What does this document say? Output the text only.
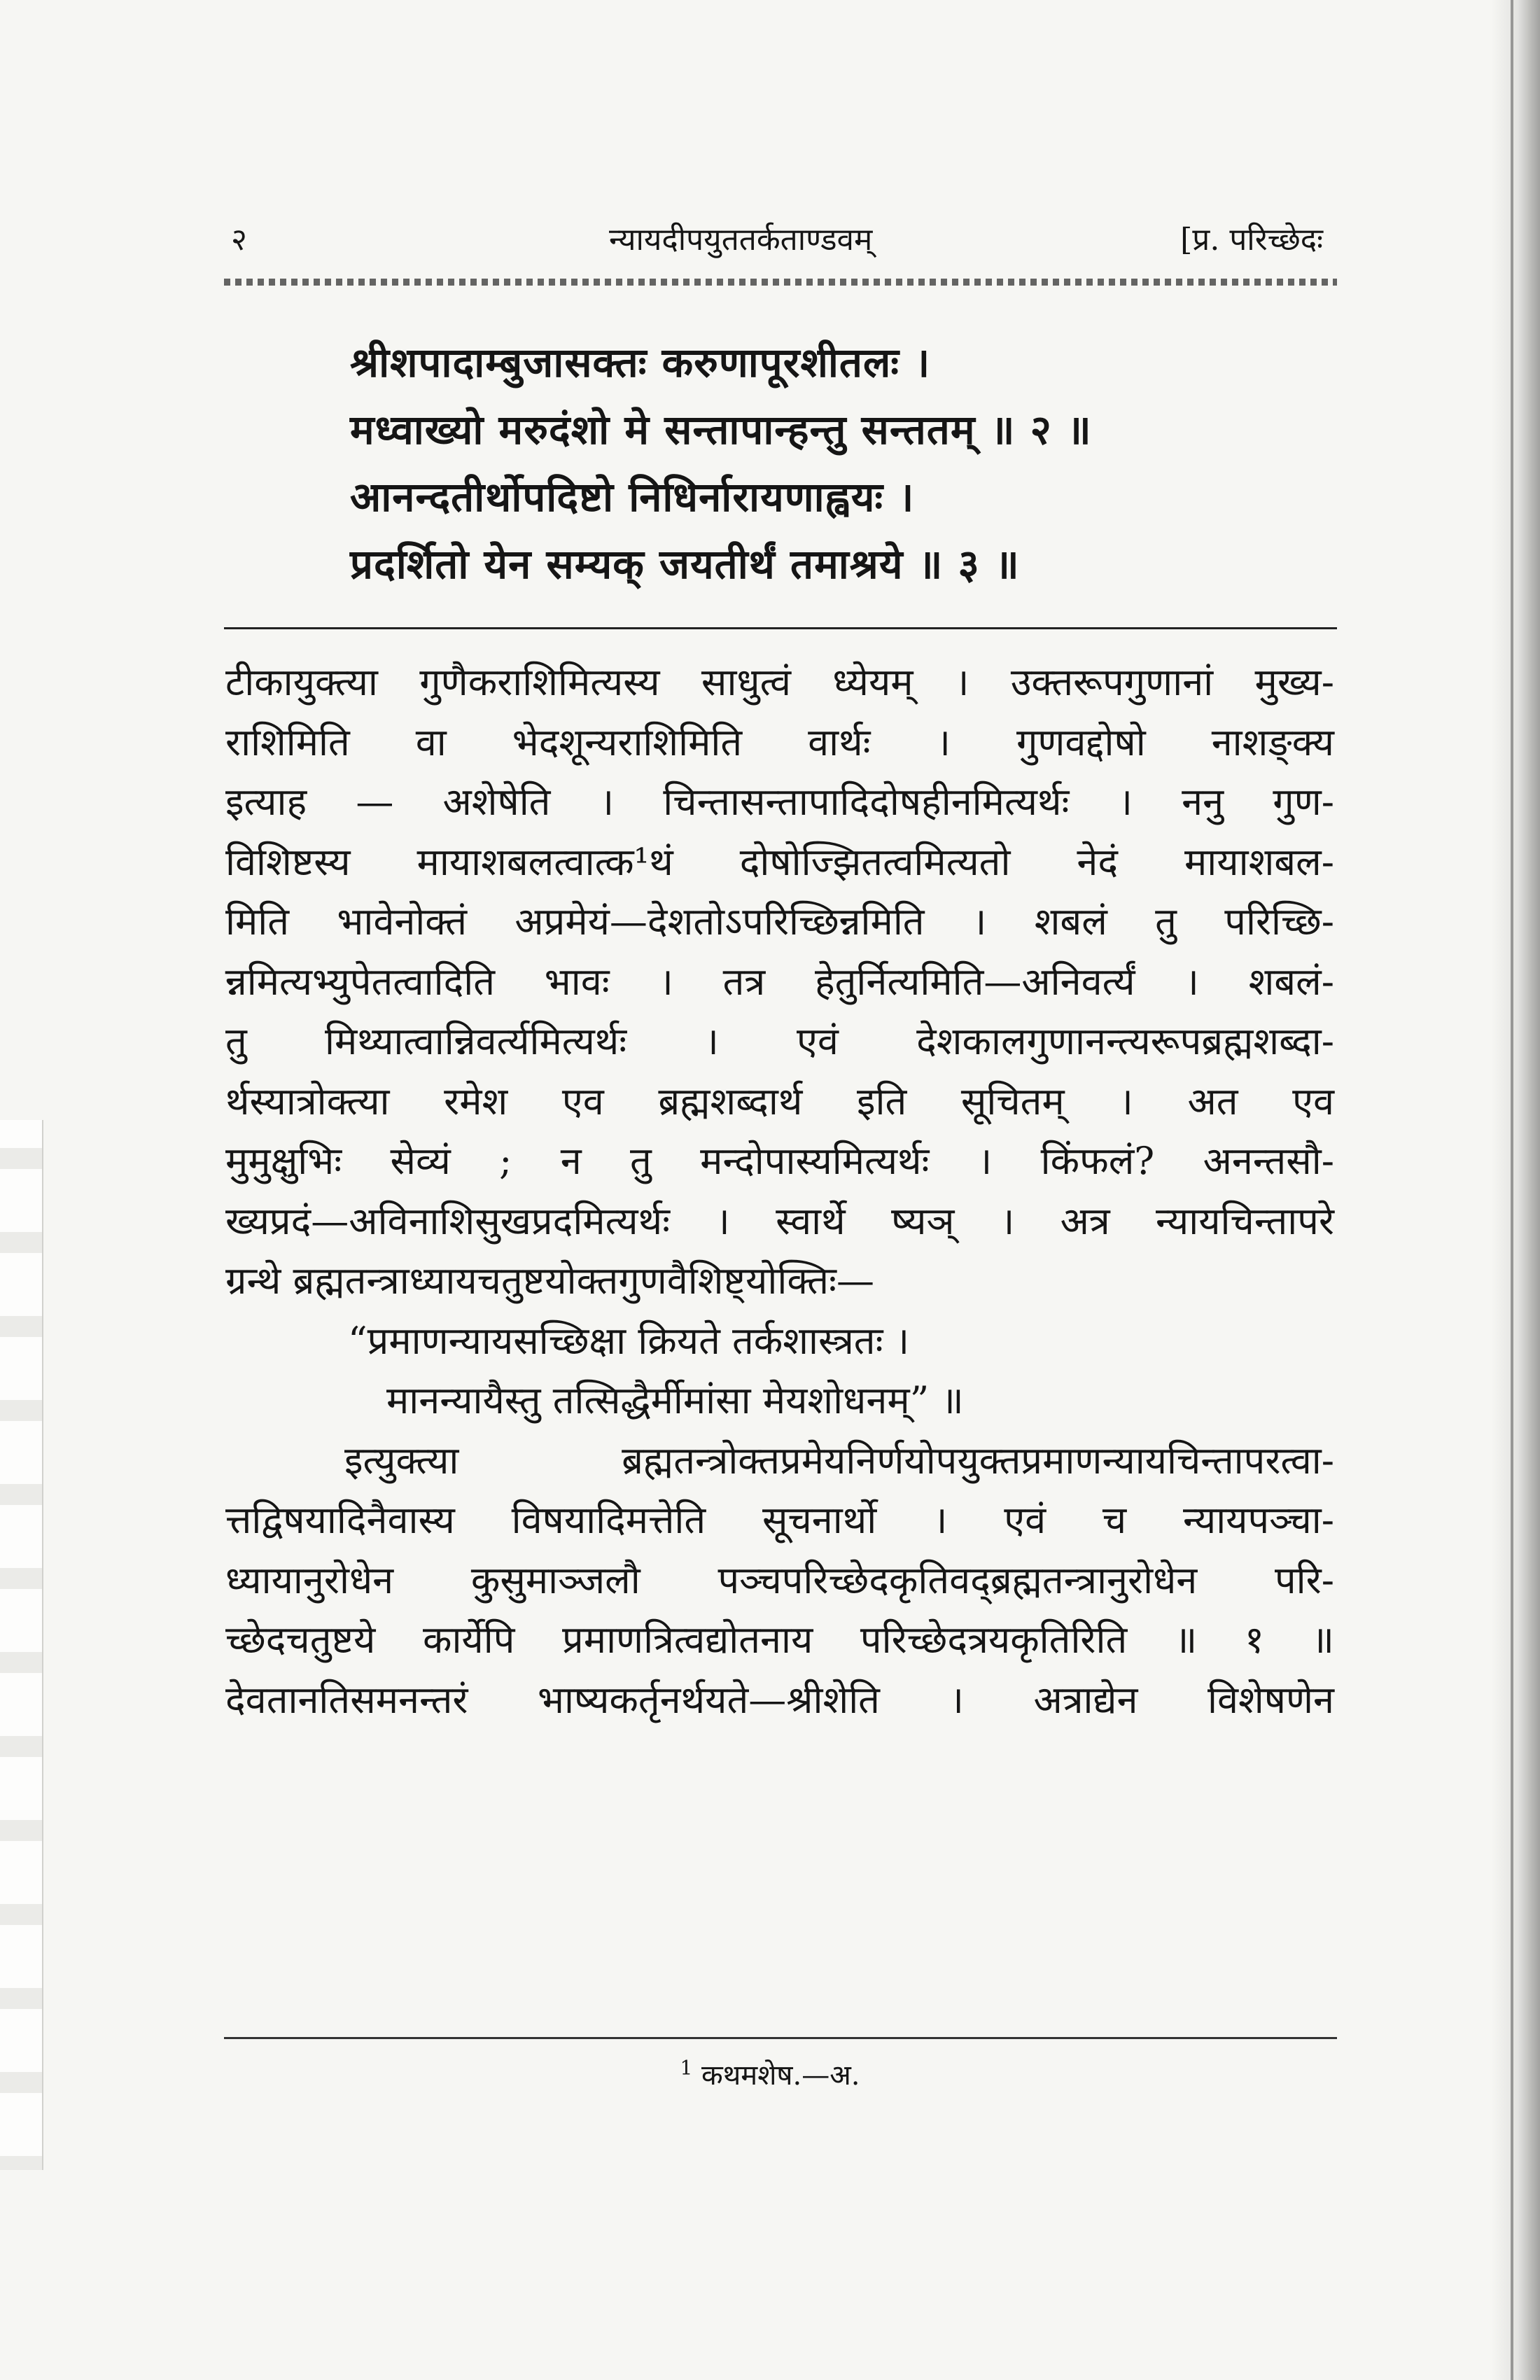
२	न्यायदीपयुततर्कताण्डवम्	[प्र. परिच्छेदः
श्रीशपादाम्बुजासक्तः करुणापूरशीतलः ।
मध्वाख्यो मरुदंशो मे सन्तापान्हन्तु सन्ततम् ॥ २ ॥
आनन्दतीर्थोपदिष्टो निधिर्नारायणाह्वयः ।
प्रदर्शितो येन सम्यक् जयतीर्थं तमाश्रये ॥ ३ ॥
टीकायुक्त्या गुणैकराशिमित्यस्य साधुत्वं ध्येयम् । उक्तरूपगुणानां मुख्य-
राशिमिति वा भेदशून्यराशिमिति वार्थः । गुणवद्दोषो नाशङ्क्य
इत्याह — अशेषेति । चिन्तासन्तापादिदोषहीनमित्यर्थः । ननु गुण-
विशिष्टस्य मायाशबलत्वात्क¹थं दोषोज्झितत्वमित्यतो नेदं मायाशबल-
मिति भावेनोक्तं अप्रमेयं—देशतोऽपरिच्छिन्नमिति । शबलं तु परिच्छि-
न्नमित्यभ्युपेतत्वादिति भावः । तत्र हेतुर्नित्यमिति—अनिवर्त्यं । शबलं-
तु मिथ्यात्वान्निवर्त्यमित्यर्थः । एवं देशकालगुणानन्त्यरूपब्रह्मशब्दा-
र्थस्यात्रोक्त्या रमेश एव ब्रह्मशब्दार्थ इति सूचितम् । अत एव
मुमुक्षुभिः सेव्यं ; न तु मन्दोपास्यमित्यर्थः । किंफलं? अनन्तसौ-
ख्यप्रदं—अविनाशिसुखप्रदमित्यर्थः । स्वार्थे ष्यञ् । अत्र न्यायचिन्तापरे
ग्रन्थे ब्रह्मतन्त्राध्यायचतुष्टयोक्तगुणवैशिष्ट्योक्तिः—
“प्रमाणन्यायसच्छिक्षा क्रियते तर्कशास्त्रतः ।
मानन्यायैस्तु तत्सिद्धैर्मीमांसा मेयशोधनम्” ॥
इत्युक्त्या ब्रह्मतन्त्रोक्तप्रमेयनिर्णयोपयुक्तप्रमाणन्यायचिन्तापरत्वा-
त्तद्विषयादिनैवास्य विषयादिमत्तेति सूचनार्थो । एवं च न्यायपञ्चा-
ध्यायानुरोधेन कुसुमाञ्जलौ पञ्चपरिच्छेदकृतिवद्ब्रह्मतन्त्रानुरोधेन परि-
च्छेदचतुष्टये कार्येपि प्रमाणत्रित्वद्योतनाय परिच्छेदत्रयकृतिरिति ॥ १ ॥
देवतानतिसमनन्तरं भाष्यकर्तृनर्थयते—श्रीशेति । अत्राद्येन विशेषणेन
$^1$ कथमशेष.—अ.
